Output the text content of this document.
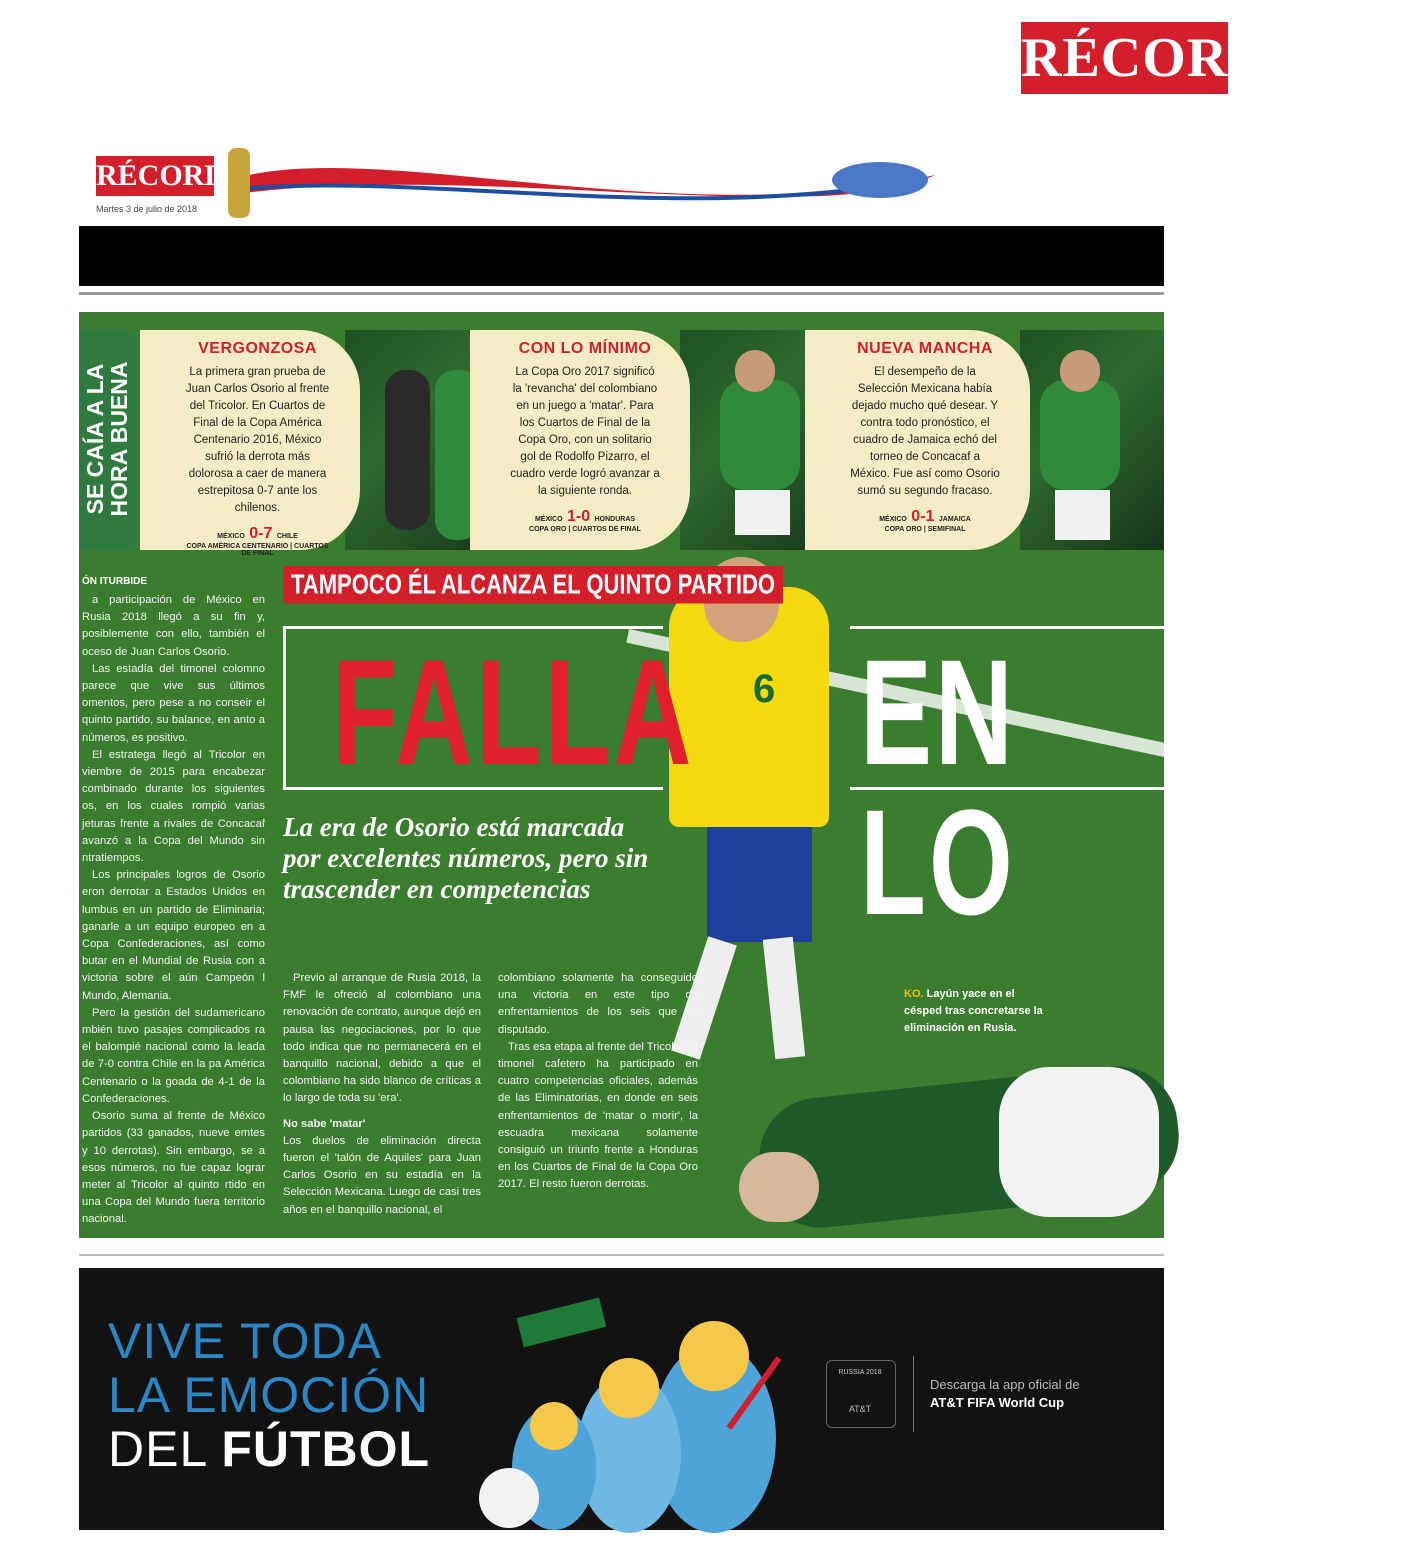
RÉCORD
RÉCORD
Martes 3 de julio de 2018
6
SE CAÍA A LA HORA BUENA
VERGONZOSA

La primera gran prueba de Juan Carlos Osorio al frente del Tricolor. En Cuartos de Final de la Copa América Centenario 2016, México sufrió la derrota más dolorosa a caer de manera estrepitosa 0-7 ante los chilenos.

MÉXICO 0-7 CHILE
COPA AMÉRICA CENTENARIO | CUARTOS DE FINAL
CON LO MÍNIMO

La Copa Oro 2017 significó la 'revancha' del colombiano en un juego a 'matar'. Para los Cuartos de Final de la Copa Oro, con un solitario gol de Rodolfo Pizarro, el cuadro verde logró avanzar a la siguiente ronda.

MÉXICO 1-0 HONDURAS
COPA ORO | CUARTOS DE FINAL
NUEVA MANCHA

El desempeño de la Selección Mexicana había dejado mucho qué desear. Y contra todo pronóstico, el cuadro de Jamaica echó del torneo de Concacaf a México. Fue así como Osorio sumó su segundo fracaso.

MÉXICO 0-1 JAMAICA
COPA ORO | SEMIFINAL
ÓN ITURBIDE

a participación de México en Rusia 2018 llegó a su fin y, posiblemente con ello, también el oceso de Juan Carlos Osorio.

Las estadía del timonel colomno parece que vive sus últimos omentos, pero pese a no conseir el quinto partido, su balance, en anto a números, es positivo.

El estratega llegó al Tricolor en viembre de 2015 para encabezar combinado durante los siguientes os, en los cuales rompió varias jeturas frente a rivales de Concacaf avanzó a la Copa del Mundo sin ntratiempos.

Los principales logros de Osorio eron derrotar a Estados Unidos en lumbus en un partido de Eliminaria; ganarle a un equipo europeo en a Copa Confederaciones, así como butar en el Mundial de Rusia con a victoria sobre el aún Campeón l Mundo, Alemania.

Pero la gestión del sudamericano mbién tuvo pasajes complicados ra el balompié nacional como la leada de 7-0 contra Chile en la pa América Centenario o la goada de 4-1 de la Confederaciones.

Osorio suma al frente de México partidos (33 ganados, nueve emtes y 10 derrotas). Sin embargo, se a esos números, no fue capaz lograr meter al Tricolor al quinto rtido en una Copa del Mundo fuera territorio nacional.

TAMPOCO ÉL ALCANZA EL QUINTO PARTIDO
FALLA EN LO
La era de Osorio está marcada por excelentes números, pero sin trascender en competencias

Previo al arranque de Rusia 2018, la FMF le ofreció al colombiano una renovación de contrato, aunque dejó en pausa las negociaciones, por lo que todo indica que no permanecerá en el banquillo nacional, debido a que el colombiano ha sido blanco de críticas a lo largo de toda su 'era'.

No sabe 'matar'

Los duelos de eliminación directa fueron el 'talón de Aquiles' para Juan Carlos Osorio en su estadía en la Selección Mexicana. Luego de casi tres años en el banquillo nacional, el

colombiano solamente ha conseguido una victoria en este tipo de enfrentamientos de los seis que ha disputado.

Tras esa etapa al frente del Tricolor, el timonel cafetero ha participado en cuatro competencias oficiales, además de las Eliminatorias, en donde en seis enfrentamientos de 'matar o morir', la escuadra mexicana solamente consiguió un triunfo frente a Honduras en los Cuartos de Final de la Copa Oro 2017. El resto fueron derrotas.

KO. Layún yace en el césped tras concretarse la eliminación en Rusia.
VIVE TODA
LA EMOCIÓN
DEL FÚTBOL
RUSSIA 2018
AT&T
Descarga la app oficial de
AT&T FIFA World Cup
